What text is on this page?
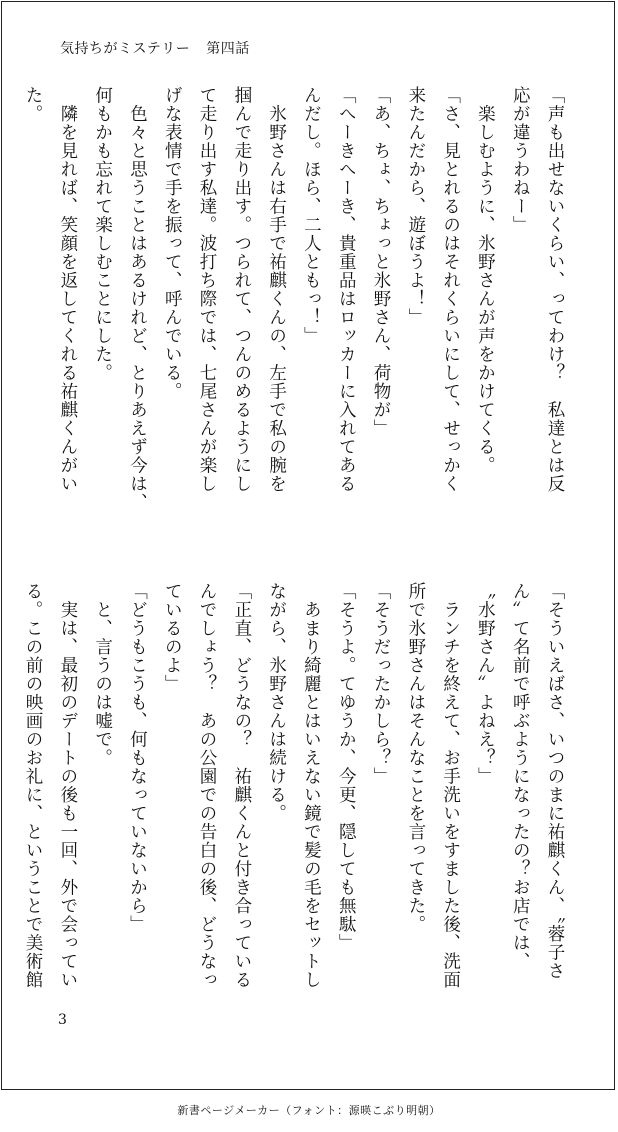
気持ちがミステリー 第四話
「声も出せないくらい、ってわけ？　私達とは反
応が違うわねー」
　楽しむように、氷野さんが声をかけてくる。
「さ、見とれるのはそれくらいにして、せっかく
来たんだから、遊ぼうよ！」
「あ、ちょ、ちょっと氷野さん、荷物が」
「へーきへーき、貴重品はロッカーに入れてある
んだし。ほら、二人ともっ！」
　氷野さんは右手で祐麒くんの、左手で私の腕を
掴んで走り出す。つられて、つんのめるようにし
て走り出す私達。波打ち際では、七尾さんが楽し
げな表情で手を振って、呼んでいる。
　色々と思うことはあるけれど、とりあえず今は、
何もかも忘れて楽しむことにした。
　隣を見れば、笑顔を返してくれる祐麒くんがい
た。
「そういえばさ、いつのまに祐麒くん、〝蓉子さ
ん〟て名前で呼ぶようになったの？お店では、
〝水野さん〟よねえ？」
　ランチを終えて、お手洗いをすました後、洗面
所で氷野さんはそんなことを言ってきた。
「そうだったかしら？」
「そうよ。てゆうか、今更、隠しても無駄」
　あまり綺麗とはいえない鏡で髪の毛をセットし
ながら、氷野さんは続ける。
「正直、どうなの？　祐麒くんと付き合っている
んでしょう？　あの公園での告白の後、どうなっ
ているのよ」
「どうもこうも、何もなっていないから」
　と、言うのは嘘で。
　実は、最初のデートの後も一回、外で会ってい
る。この前の映画のお礼に、ということで美術館
3
新書ページメーカー（フォント：源暎こぶり明朝）
